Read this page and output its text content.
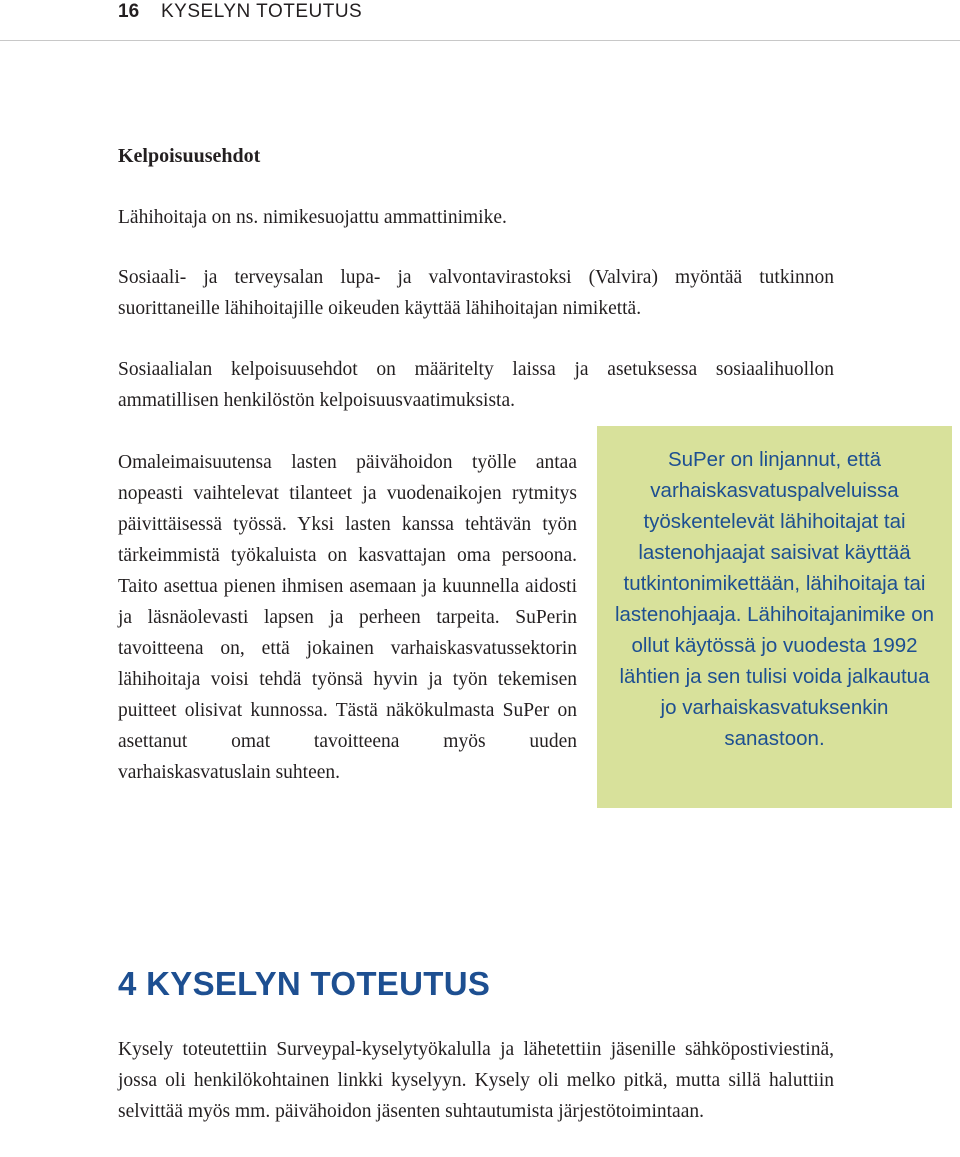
16 KYSELYN TOTEUTUS
Kelpoisuusehdot

Lähihoitaja on ns. nimikesuojattu ammattinimike.

Sosiaali- ja terveysalan lupa- ja valvontavirastoksi (Valvira) myöntää tutkinnon suorittaneille lähihoitajille oikeuden käyttää lähihoitajan nimikettä.

Sosiaalialan kelpoisuusehdot on määritelty laissa ja asetuksessa sosiaalihuollon ammatillisen henkilöstön kelpoisuusvaatimuksista.

SuPer on linjannut, että varhaiskasvatuspalveluissa työskentelevät lähihoitajat tai lastenohjaajat saisivat käyttää tutkintonimikettään, lähihoitaja tai lastenohjaaja. Lähihoitajanimike on ollut käytössä jo vuodesta 1992 lähtien ja sen tulisi voida jalkautua jo varhaiskasvatuksenkin sanastoon.
Omaleimaisuutensa lasten päivähoidon työlle antaa nopeasti vaihtelevat tilanteet ja vuodenaikojen rytmitys päivittäisessä työssä. Yksi lasten kanssa tehtävän työn tärkeimmistä työkaluista on kasvattajan oma persoona. Taito asettua pienen ihmisen asemaan ja kuunnella aidosti ja läsnäolevasti lapsen ja perheen tarpeita. SuPerin tavoitteena on, että jokainen varhaiskasvatussektorin lähihoitaja voisi tehdä työnsä hyvin ja työn tekemisen puitteet olisivat kunnossa. Tästä näkökulmasta SuPer on asettanut omat tavoitteena myös uuden varhaiskasvatuslain suhteen.
4 KYSELYN TOTEUTUS

Kysely toteutettiin Surveypal-kyselytyökalulla ja lähetettiin jäsenille sähköpostiviestinä, jossa oli henkilökohtainen linkki kyselyyn. Kysely oli melko pitkä, mutta sillä haluttiin selvittää myös mm. päivähoidon jäsenten suhtautumista järjestötoimintaan.
